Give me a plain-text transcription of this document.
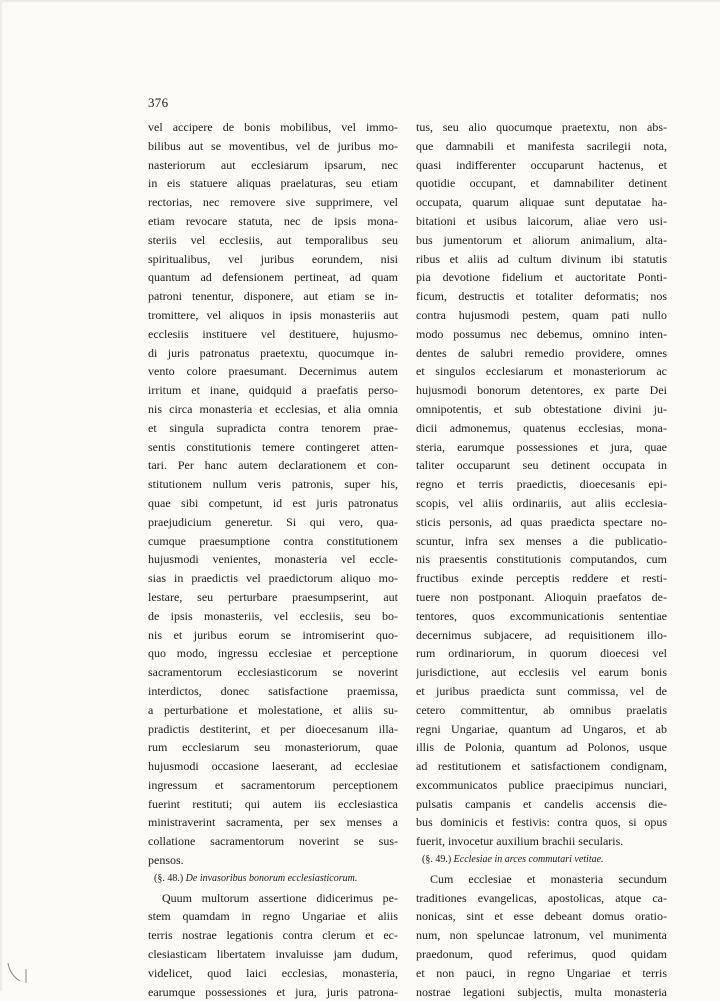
376
vel accipere de bonis mobilibus, vel immo-
bilibus aut se moventibus, vel de juribus mo-
nasteriorum aut ecclesiarum ipsarum, nec
in eis statuere aliquas praelaturas, seu etiam
rectorias, nec removere sive supprimere, vel
etiam revocare statuta, nec de ipsis mona-
steriis vel ecclesiis, aut temporalibus seu
spiritualibus, vel juribus eorundem, nisi
quantum ad defensionem pertineat, ad quam
patroni tenentur, disponere, aut etiam se in-
tromittere, vel aliquos in ipsis monasteriis aut
ecclesiis instituere vel destituere, hujusmo-
di juris patronatus praetextu, quocumque in-
vento colore praesumant. Decernimus autem
irritum et inane, quidquid a praefatis perso-
nis circa monasteria et ecclesias, et alia omnia
et singula supradicta contra tenorem prae-
sentis constitutionis temere contingeret atten-
tari. Per hanc autem declarationem et con-
stitutionem nullum veris patronis, super his,
quae sibi competunt, id est juris patronatus
praejudicium generetur. Si qui vero, qua-
cumque praesumptione contra constitutionem
hujusmodi venientes, monasteria vel eccle-
sias in praedictis vel praedictorum aliquo mo-
lestare, seu perturbare praesumpserint, aut
de ipsis monasteriis, vel ecclesiis, seu bo-
nis et juribus eorum se intromiserint quo-
quo modo, ingressu ecclesiae et perceptione
sacramentorum ecclesiasticorum se noverint
interdictos, donec satisfactione praemissa,
a perturbatione et molestatione, et aliis su-
pradictis destiterint, et per dioecesanum illa-
rum ecclesiarum seu monasteriorum, quae
hujusmodi occasione laeserant, ad ecclesiae
ingressum et sacramentorum perceptionem
fuerint restituti; qui autem iis ecclesiastica
ministraverint sacramenta, per sex menses a
collatione sacramentorum noverint se sus-
pensos.
(§. 48.) De invasoribus bonorum ecclesiasticorum.
Quum multorum assertione didicerimus pe-
stem quamdam in regno Ungariae et aliis
terris nostrae legationis contra clerum et ec-
clesiasticam libertatem invaluisse jam dudum,
videlicet, quod laici ecclesias, monasteria,
earumque possessiones et jura, juris patrona-
tus, seu alio quocumque praetextu, non abs-
que damnabili et manifesta sacrilegii nota,
quasi indifferenter occuparunt hactenus, et
quotidie occupant, et damnabiliter detinent
occupata, quarum aliquae sunt deputatae ha-
bitationi et usibus laicorum, aliae vero usi-
bus jumentorum et aliorum animalium, alta-
ribus et aliis ad cultum divinum ibi statutis
pia devotione fidelium et auctoritate Ponti-
ficum, destructis et totaliter deformatis; nos
contra hujusmodi pestem, quam pati nullo
modo possumus nec debemus, omnino inten-
dentes de salubri remedio providere, omnes
et singulos ecclesiarum et monasteriorum ac
hujusmodi bonorum detentores, ex parte Dei
omnipotentis, et sub obtestatione divini ju-
dicii admonemus, quatenus ecclesias, mona-
steria, earumque possessiones et jura, quae
taliter occuparunt seu detinent occupata in
regno et terris praedictis, dioecesanis epi-
scopis, vel aliis ordinariis, aut aliis ecclesia-
sticis personis, ad quas praedicta spectare no-
scuntur, infra sex menses a die publicatio-
nis praesentis constitutionis computandos, cum
fructibus exinde perceptis reddere et resti-
tuere non postponant. Alioquin praefatos de-
tentores, quos excommunicationis sententiae
decernimus subjacere, ad requisitionem illo-
rum ordinariorum, in quorum dioecesi vel
jurisdictione, aut ecclesiis vel earum bonis
et juribus praedicta sunt commissa, vel de
cetero committentur, ab omnibus praelatis
regni Ungariae, quantum ad Ungaros, et ab
illis de Polonia, quantum ad Polonos, usque
ad restitutionem et satisfactionem condignam,
excommunicatos publice praecipimus nunciari,
pulsatis campanis et candelis accensis die-
bus dominicis et festivis: contra quos, si opus
fuerit, invocetur auxilium brachii secularis.
(§. 49.) Ecclesiae in arces commutari vetitae.
Cum ecclesiae et monasteria secundum
traditiones evangelicas, apostolicas, atque ca-
nonicas, sint et esse debeant domus oratio-
num, non speluncae latronum, vel munimenta
praedonum, quod referimus, quod quidam
et non pauci, in regno Ungariae et terris
nostrae legationi subjectis, multa monasteria
